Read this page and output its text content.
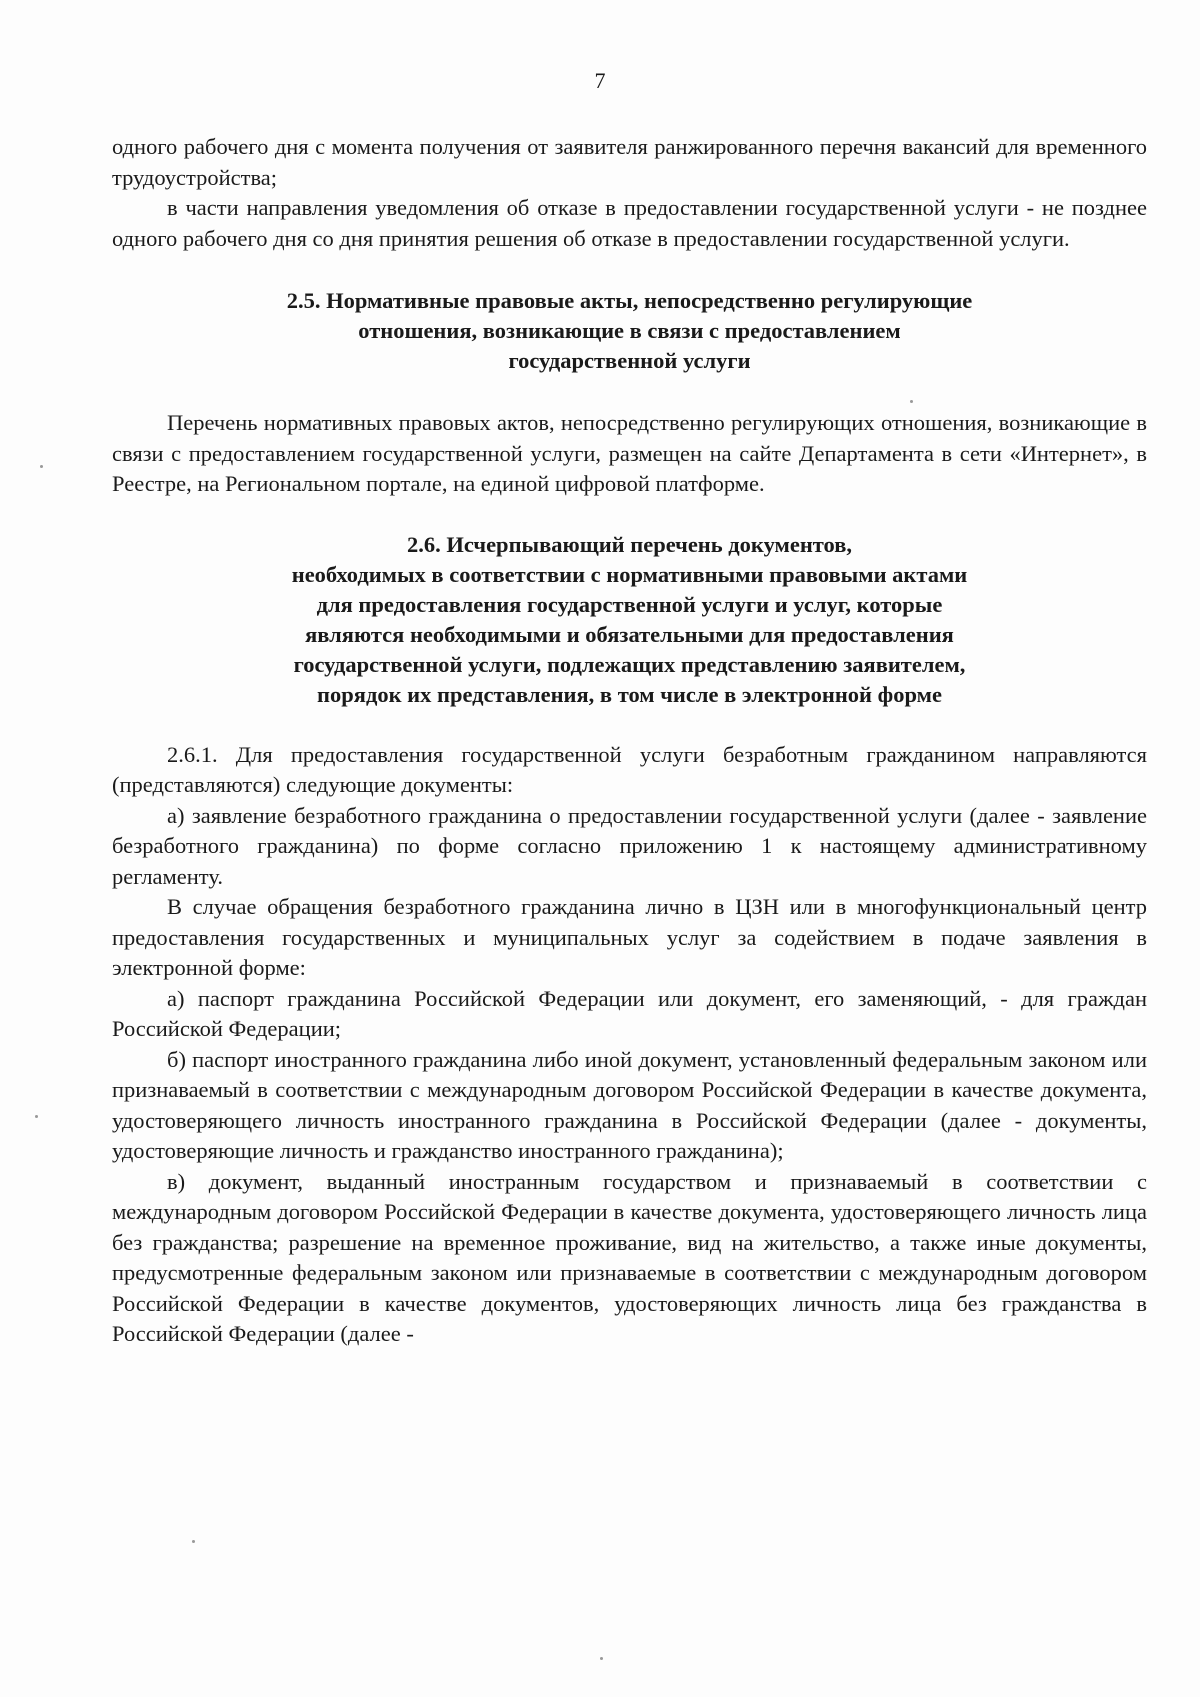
7

одного рабочего дня с момента получения от заявителя ранжированного перечня вакансий для временного трудоустройства;

в части направления уведомления об отказе в предоставлении государственной услуги - не позднее одного рабочего дня со дня принятия решения об отказе в предоставлении государственной услуги.

2.5. Нормативные правовые акты, непосредственно регулирующие
отношения, возникающие в связи с предоставлением
государственной услуги

Перечень нормативных правовых актов, непосредственно регулирующих отношения, возникающие в связи с предоставлением государственной услуги, размещен на сайте Департамента в сети «Интернет», в Реестре, на Региональном портале, на единой цифровой платформе.

2.6. Исчерпывающий перечень документов,
необходимых в соответствии с нормативными правовыми актами
для предоставления государственной услуги и услуг, которые
являются необходимыми и обязательными для предоставления
государственной услуги, подлежащих представлению заявителем,
порядок их представления, в том числе в электронной форме

2.6.1. Для предоставления государственной услуги безработным гражданином направляются (представляются) следующие документы:

а) заявление безработного гражданина о предоставлении государственной услуги (далее - заявление безработного гражданина) по форме согласно приложению 1 к настоящему административному регламенту.

В случае обращения безработного гражданина лично в ЦЗН или в многофункциональный центр предоставления государственных и муниципальных услуг за содействием в подаче заявления в электронной форме:

а) паспорт гражданина Российской Федерации или документ, его заменяющий, - для граждан Российской Федерации;

б) паспорт иностранного гражданина либо иной документ, установленный федеральным законом или признаваемый в соответствии с международным договором Российской Федерации в качестве документа, удостоверяющего личность иностранного гражданина в Российской Федерации (далее - документы, удостоверяющие личность и гражданство иностранного гражданина);

в) документ, выданный иностранным государством и признаваемый в соответствии с международным договором Российской Федерации в качестве документа, удостоверяющего личность лица без гражданства; разрешение на временное проживание, вид на жительство, а также иные документы, предусмотренные федеральным законом или признаваемые в соответствии с международным договором Российской Федерации в качестве документов, удостоверяющих личность лица без гражданства в Российской Федерации (далее -
